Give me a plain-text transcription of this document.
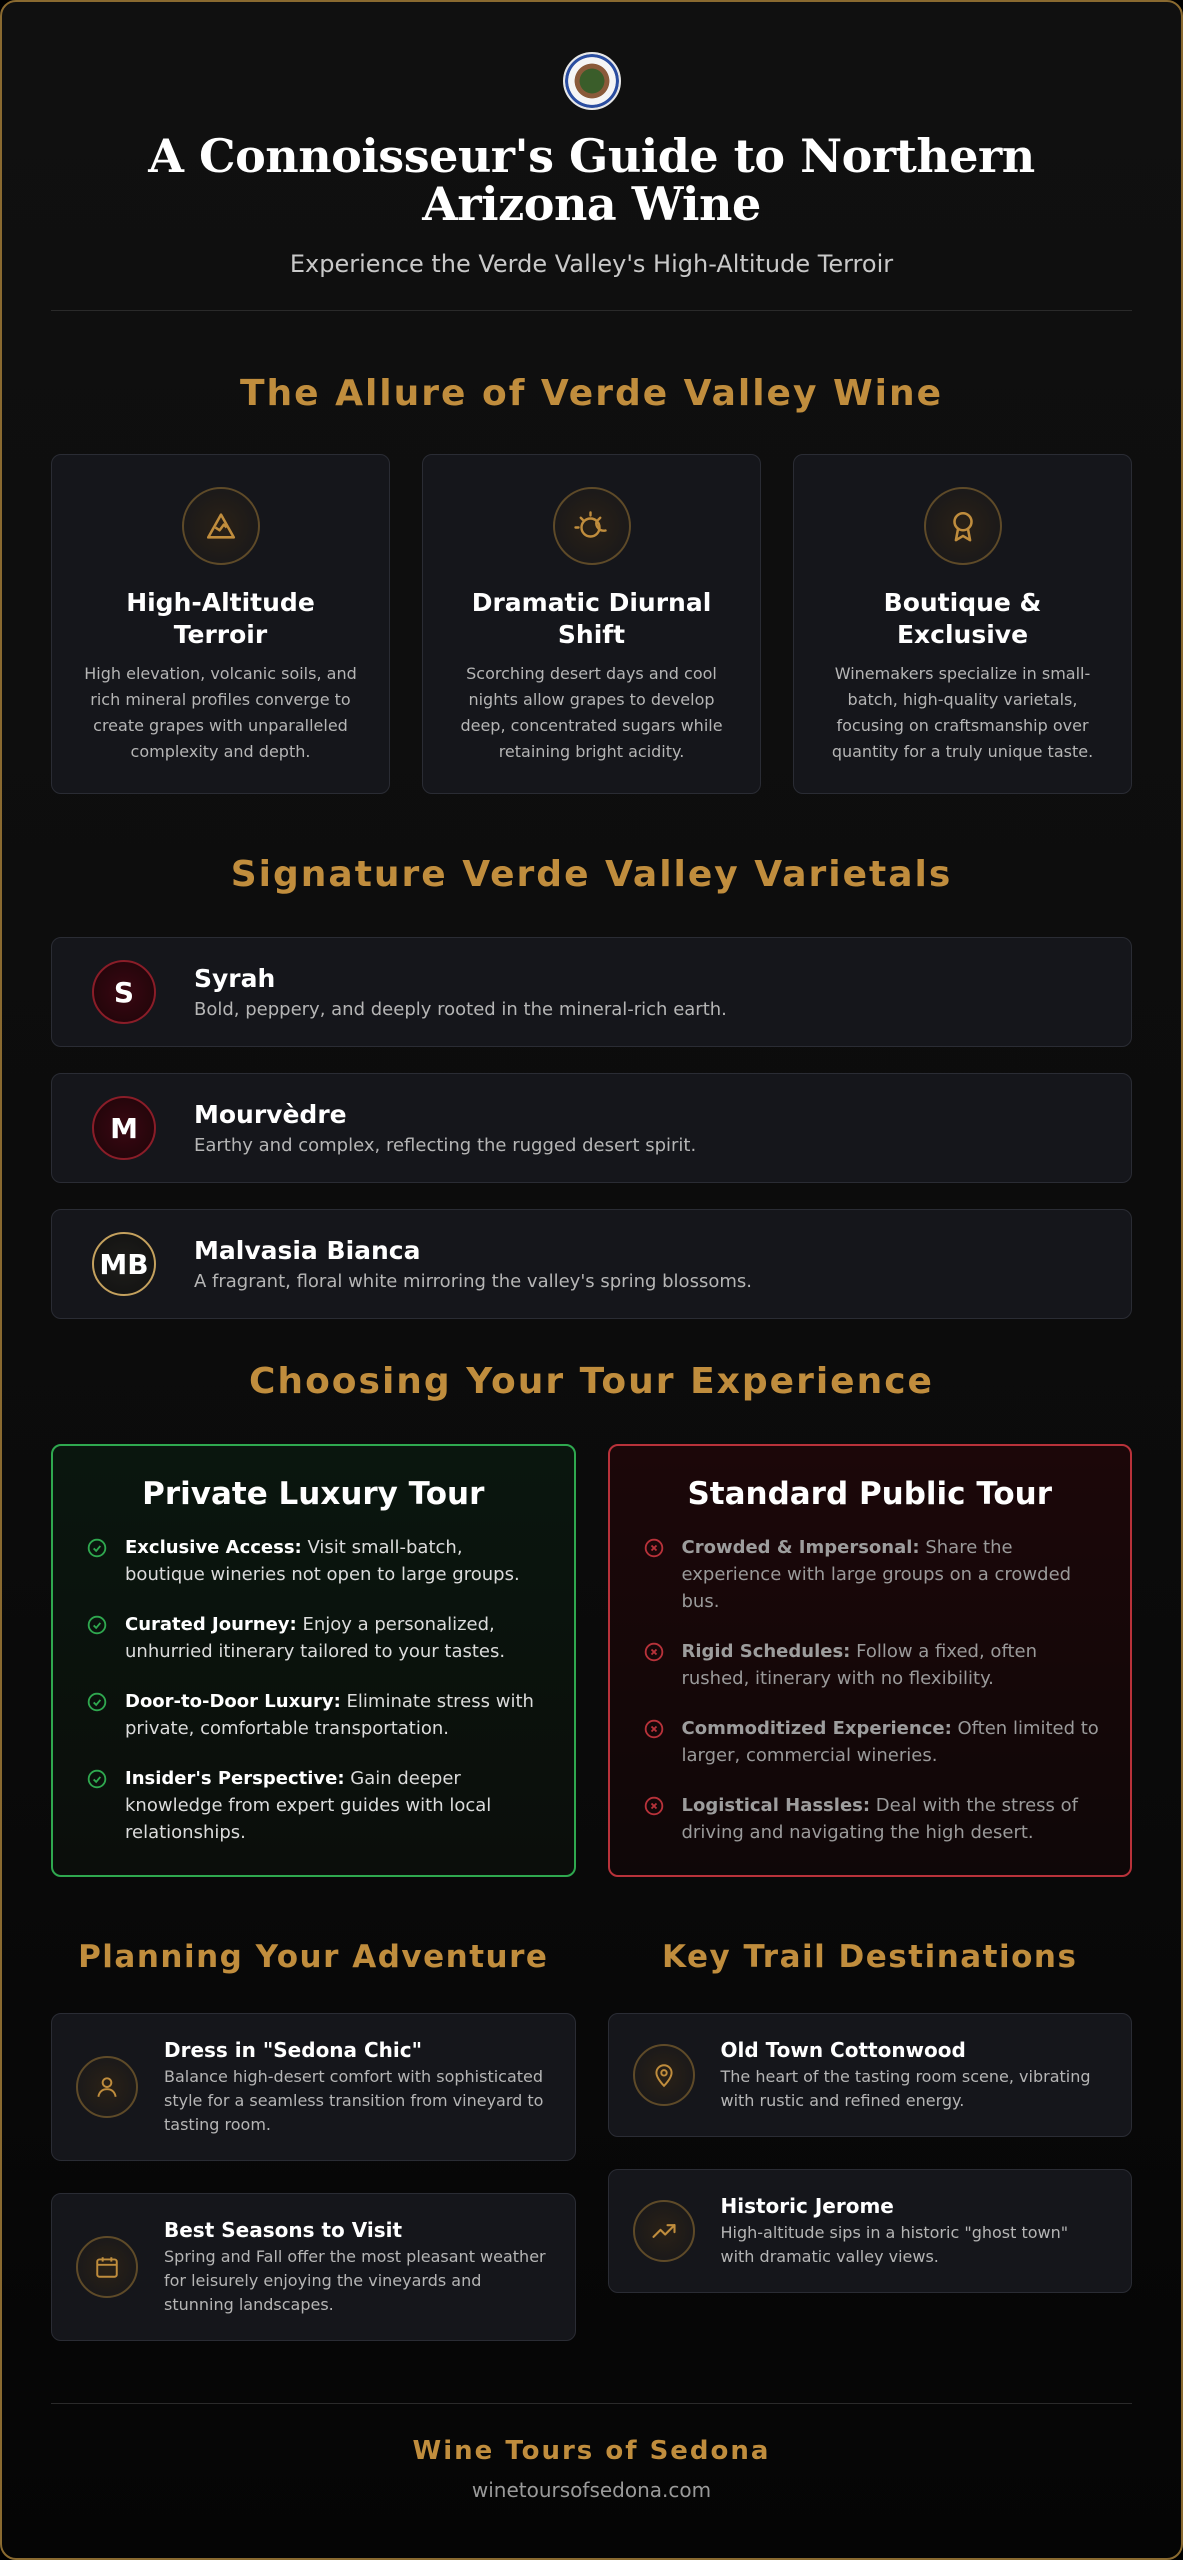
A Connoisseur's Guide to Northern Arizona Wine
Experience the Verde Valley's High-Altitude Terroir
The Allure of Verde Valley Wine
High-Altitude Terroir

High elevation, volcanic soils, and rich mineral profiles converge to create grapes with unparalleled complexity and depth.

Dramatic Diurnal Shift

Scorching desert days and cool nights allow grapes to develop deep, concentrated sugars while retaining bright acidity.

Boutique & Exclusive

Winemakers specialize in small-batch, high-quality varietals, focusing on craftsmanship over quantity for a truly unique taste.

Signature Verde Valley Varietals
S	Syrah
Bold, peppery, and deeply rooted in the mineral-rich earth.
M	Mourvèdre
Earthy and complex, reflecting the rugged desert spirit.
MB Malvasia Bianca
A fragrant, floral white mirroring the valley's spring blossoms.
Choosing Your Tour Experience
Private Luxury Tour
Exclusive Access: Visit small-batch, boutique wineries not open to large groups.
Curated Journey: Enjoy a personalized, unhurried itinerary tailored to your tastes.
Door-to-Door Luxury: Eliminate stress with private, comfortable transportation.
Insider's Perspective: Gain deeper knowledge from expert guides with local relationships.
Standard Public Tour
Crowded & Impersonal: Share the experience with large groups on a crowded bus.
Rigid Schedules: Follow a fixed, often rushed, itinerary with no flexibility.
Commoditized Experience: Often limited to larger, commercial wineries.
Logistical Hassles: Deal with the stress of driving and navigating the high desert.
Planning Your Adventure
Dress in "Sedona Chic"

Balance high-desert comfort with sophisticated style for a seamless transition from vineyard to tasting room.

Best Seasons to Visit

Spring and Fall offer the most pleasant weather for leisurely enjoying the vineyards and stunning landscapes.

Key Trail Destinations
Old Town Cottonwood

The heart of the tasting room scene, vibrating with rustic and refined energy.

Historic Jerome

High-altitude sips in a historic "ghost town" with dramatic valley views.

Wine Tours of Sedona
winetoursofsedona.com
